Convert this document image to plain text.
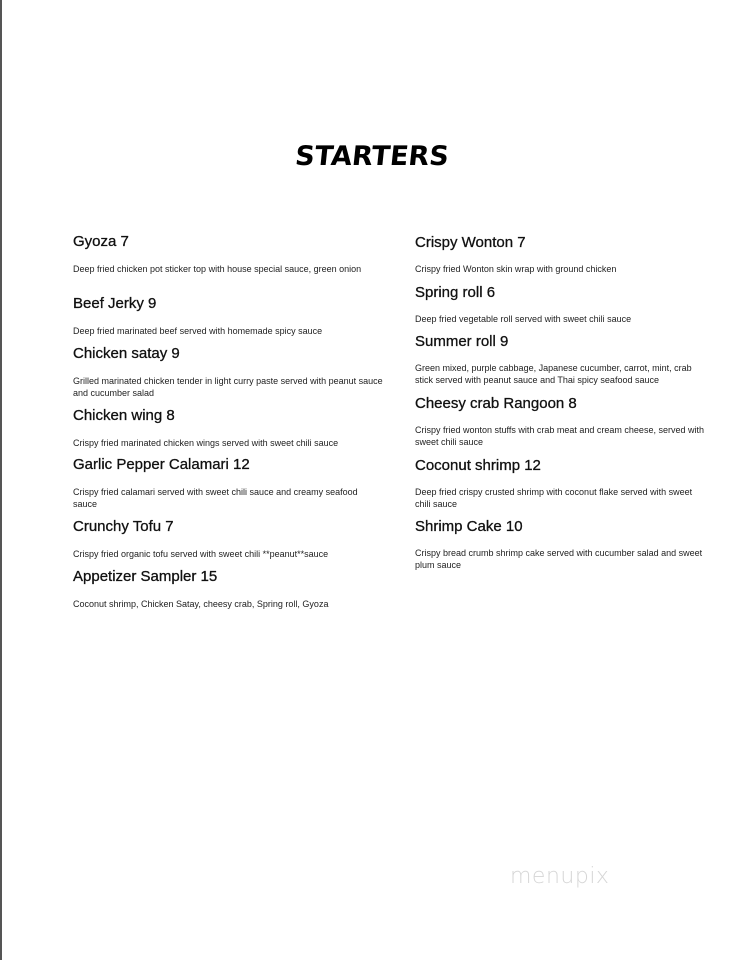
STARTERS
Gyoza 7
Deep fried chicken pot sticker top with house special sauce, green onion
Beef Jerky 9
Deep fried marinated beef served with homemade spicy sauce
Chicken satay 9
Grilled marinated chicken tender in light curry paste served with peanut sauce and cucumber salad
Chicken wing 8
Crispy fried marinated chicken wings served with sweet chili sauce
Garlic Pepper Calamari 12
Crispy fried calamari served with sweet chili sauce and creamy seafood sauce
Crunchy Tofu 7
Crispy fried organic tofu served with sweet chili **peanut**sauce
Appetizer Sampler 15
Coconut shrimp, Chicken Satay, cheesy crab, Spring roll, Gyoza
Crispy Wonton 7
Crispy fried Wonton skin wrap with ground chicken
Spring roll 6
Deep fried vegetable roll served with sweet chili sauce
Summer roll 9
Green mixed, purple cabbage, Japanese cucumber, carrot, mint, crab stick served with peanut sauce and Thai spicy seafood sauce
Cheesy crab Rangoon 8
Crispy fried wonton stuffs with crab meat and cream cheese, served with sweet chili sauce
Coconut shrimp 12
Deep fried crispy crusted shrimp with coconut flake served with sweet chili sauce
Shrimp Cake 10
Crispy bread crumb shrimp cake served with cucumber salad and sweet plum sauce
menupix
